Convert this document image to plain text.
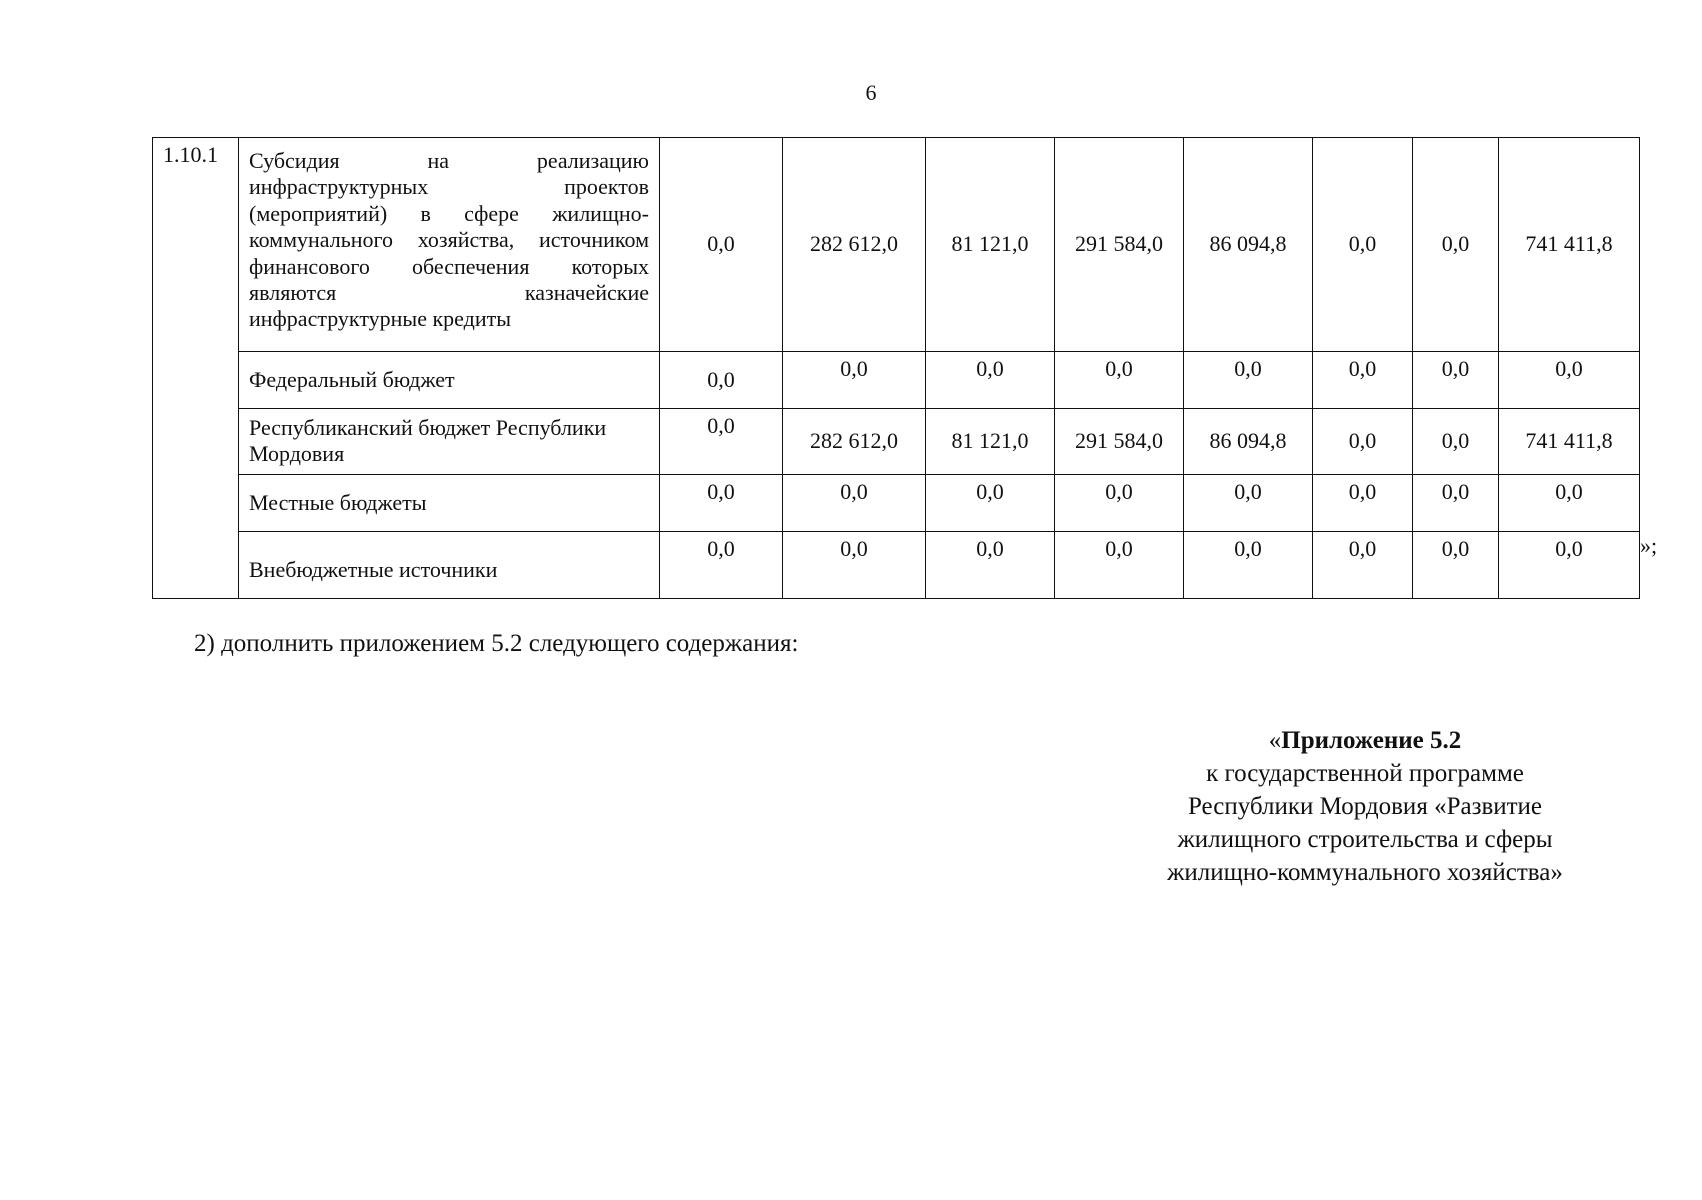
6
1.10.1	Субсидия на реализацию инфраструктурных проектов (мероприятий) в сфере жилищно-коммунального хозяйства, источником финансового обеспечения которых являются казначейские инфраструктурные кредиты	0,0	282 612,0	81 121,0	291 584,0	86 094,8	0,0	0,0	741 411,8
	Федеральный бюджет	0,0	0,0	0,0	0,0	0,0	0,0	0,0	0,0
	Республиканский бюджет Республики Мордовия	0,0	282 612,0	81 121,0	291 584,0	86 094,8	0,0	0,0	741 411,8
	Местные бюджеты	0,0	0,0	0,0	0,0	0,0	0,0	0,0	0,0
	Внебюджетные источники	0,0	0,0	0,0	0,0	0,0	0,0	0,0	0,0	»;
2) дополнить приложением 5.2 следующего содержания:
«Приложение 5.2
к государственной программе
Республики Мордовия «Развитие
жилищного строительства и сферы
жилищно-коммунального хозяйства»
